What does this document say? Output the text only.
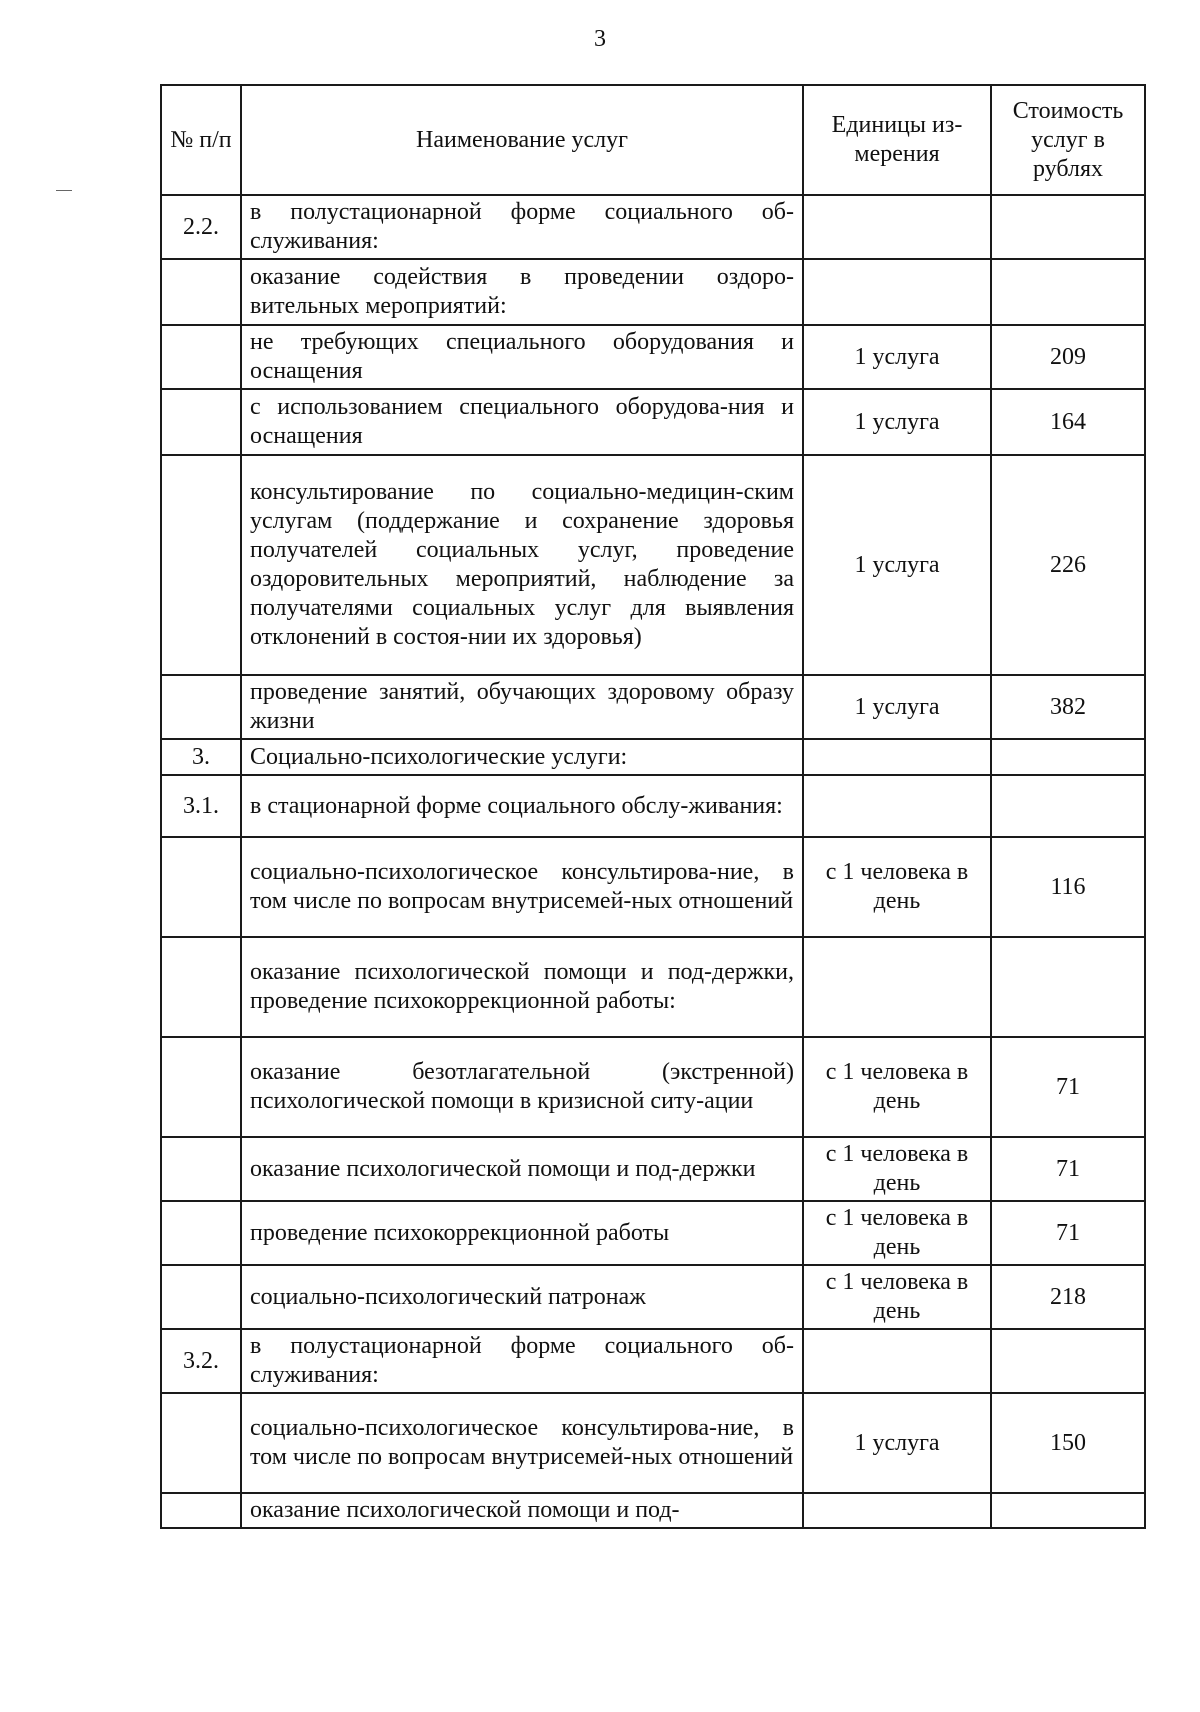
3
№ п/п	Наименование услуг	Единицы из-мерения	Стоимость услуг в рублях
2.2.	в полустационарной форме социального об-служивания:		
	оказание содействия в проведении оздоро-вительных мероприятий:		
	не требующих специального оборудования и оснащения	1 услуга	209
	с использованием специального оборудова-ния и оснащения	1 услуга	164
	консультирование по социально-медицин-ским услугам (поддержание и сохранение здоровья получателей социальных услуг, проведение оздоровительных мероприятий, наблюдение за получателями социальных услуг для выявления отклонений в состоя-нии их здоровья)	1 услуга	226
	проведение занятий, обучающих здоровому образу жизни	1 услуга	382
3.	Социально-психологические услуги:		
3.1.	в стационарной форме социального обслу-живания:		
	социально-психологическое консультирова-ние, в том числе по вопросам внутрисемей-ных отношений	с 1 человека в день	116
	оказание психологической помощи и под-держки, проведение психокоррекционной работы:		
	оказание безотлагательной (экстренной) психологической помощи в кризисной ситу-ации	с 1 человека в день	71
	оказание психологической помощи и под-держки	с 1 человека в день	71
	проведение психокоррекционной работы	с 1 человека в день	71
	социально-психологический патронаж	с 1 человека в день	218
3.2.	в полустационарной форме социального об-служивания:		
	социально-психологическое консультирова-ние, в том числе по вопросам внутрисемей-ных отношений	1 услуга	150
	оказание психологической помощи и под-		
